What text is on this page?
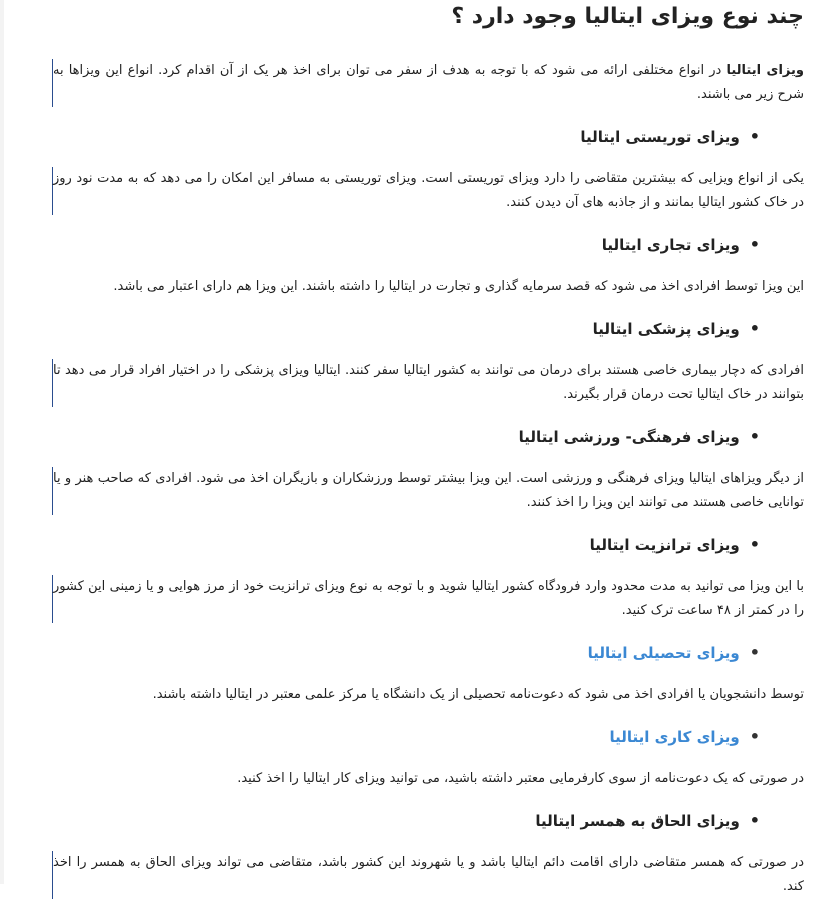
چند نوع ویزای ایتالیا وجود دارد ؟

ویزای ایتالیا در انواع مختلفی ارائه می شود که با توجه به هدف از سفر می توان برای اخذ هر یک از آن اقدام کرد. انواع این ویزاها به شرح زیر می باشند.

•
ویزای توریستی ایتالیا

یکی از انواع ویزایی که بیشترین متقاضی را دارد ویزای توریستی است. ویزای توریستی به مسافر این امکان را می دهد که به مدت نود روز در خاک کشور ایتالیا بمانند و از جاذبه های آن دیدن کنند.

•
ویزای تجاری ایتالیا

این ویزا توسط افرادی اخذ می شود که قصد سرمایه گذاری و تجارت در ایتالیا را داشته باشند. این ویزا هم دارای اعتبار می باشد.

•
ویزای پزشکی ایتالیا

افرادی که دچار بیماری خاصی هستند برای درمان می توانند به کشور ایتالیا سفر کنند. ایتالیا ویزای پزشکی را در اختیار افراد قرار می دهد تا بتوانند در خاک ایتالیا تحت درمان قرار بگیرند.

•
ویزای فرهنگی- ورزشی ایتالیا

از دیگر ویزاهای ایتالیا ویزای فرهنگی و ورزشی است. این ویزا بیشتر توسط ورزشکاران و بازیگران اخذ می شود. افرادی که صاحب هنر و یا توانایی خاصی هستند می توانند این ویزا را اخذ کنند.

•
ویزای ترانزیت ایتالیا

با این ویزا می توانید به مدت محدود وارد فرودگاه کشور ایتالیا شوید و با توجه به نوع ویزای ترانزیت خود از مرز هوایی و یا زمینی این کشور را در کمتر از ۴۸ ساعت ترک کنید.

•
ویزای تحصیلی ایتالیا

توسط دانشجویان یا افرادی اخذ می شود که دعوت‌نامه تحصیلی از یک دانشگاه یا مرکز علمی معتبر در ایتالیا داشته باشند.

•
ویزای کاری ایتالیا

در صورتی که یک دعوت‌نامه از سوی کارفرمایی معتبر داشته باشید، می توانید ویزای کار ایتالیا را اخذ کنید.

•
ویزای الحاق به همسر ایتالیا

در صورتی که همسر متقاضی دارای اقامت دائم ایتالیا باشد و یا شهروند این کشور باشد، متقاضی می تواند ویزای الحاق به همسر را اخذ کند.
